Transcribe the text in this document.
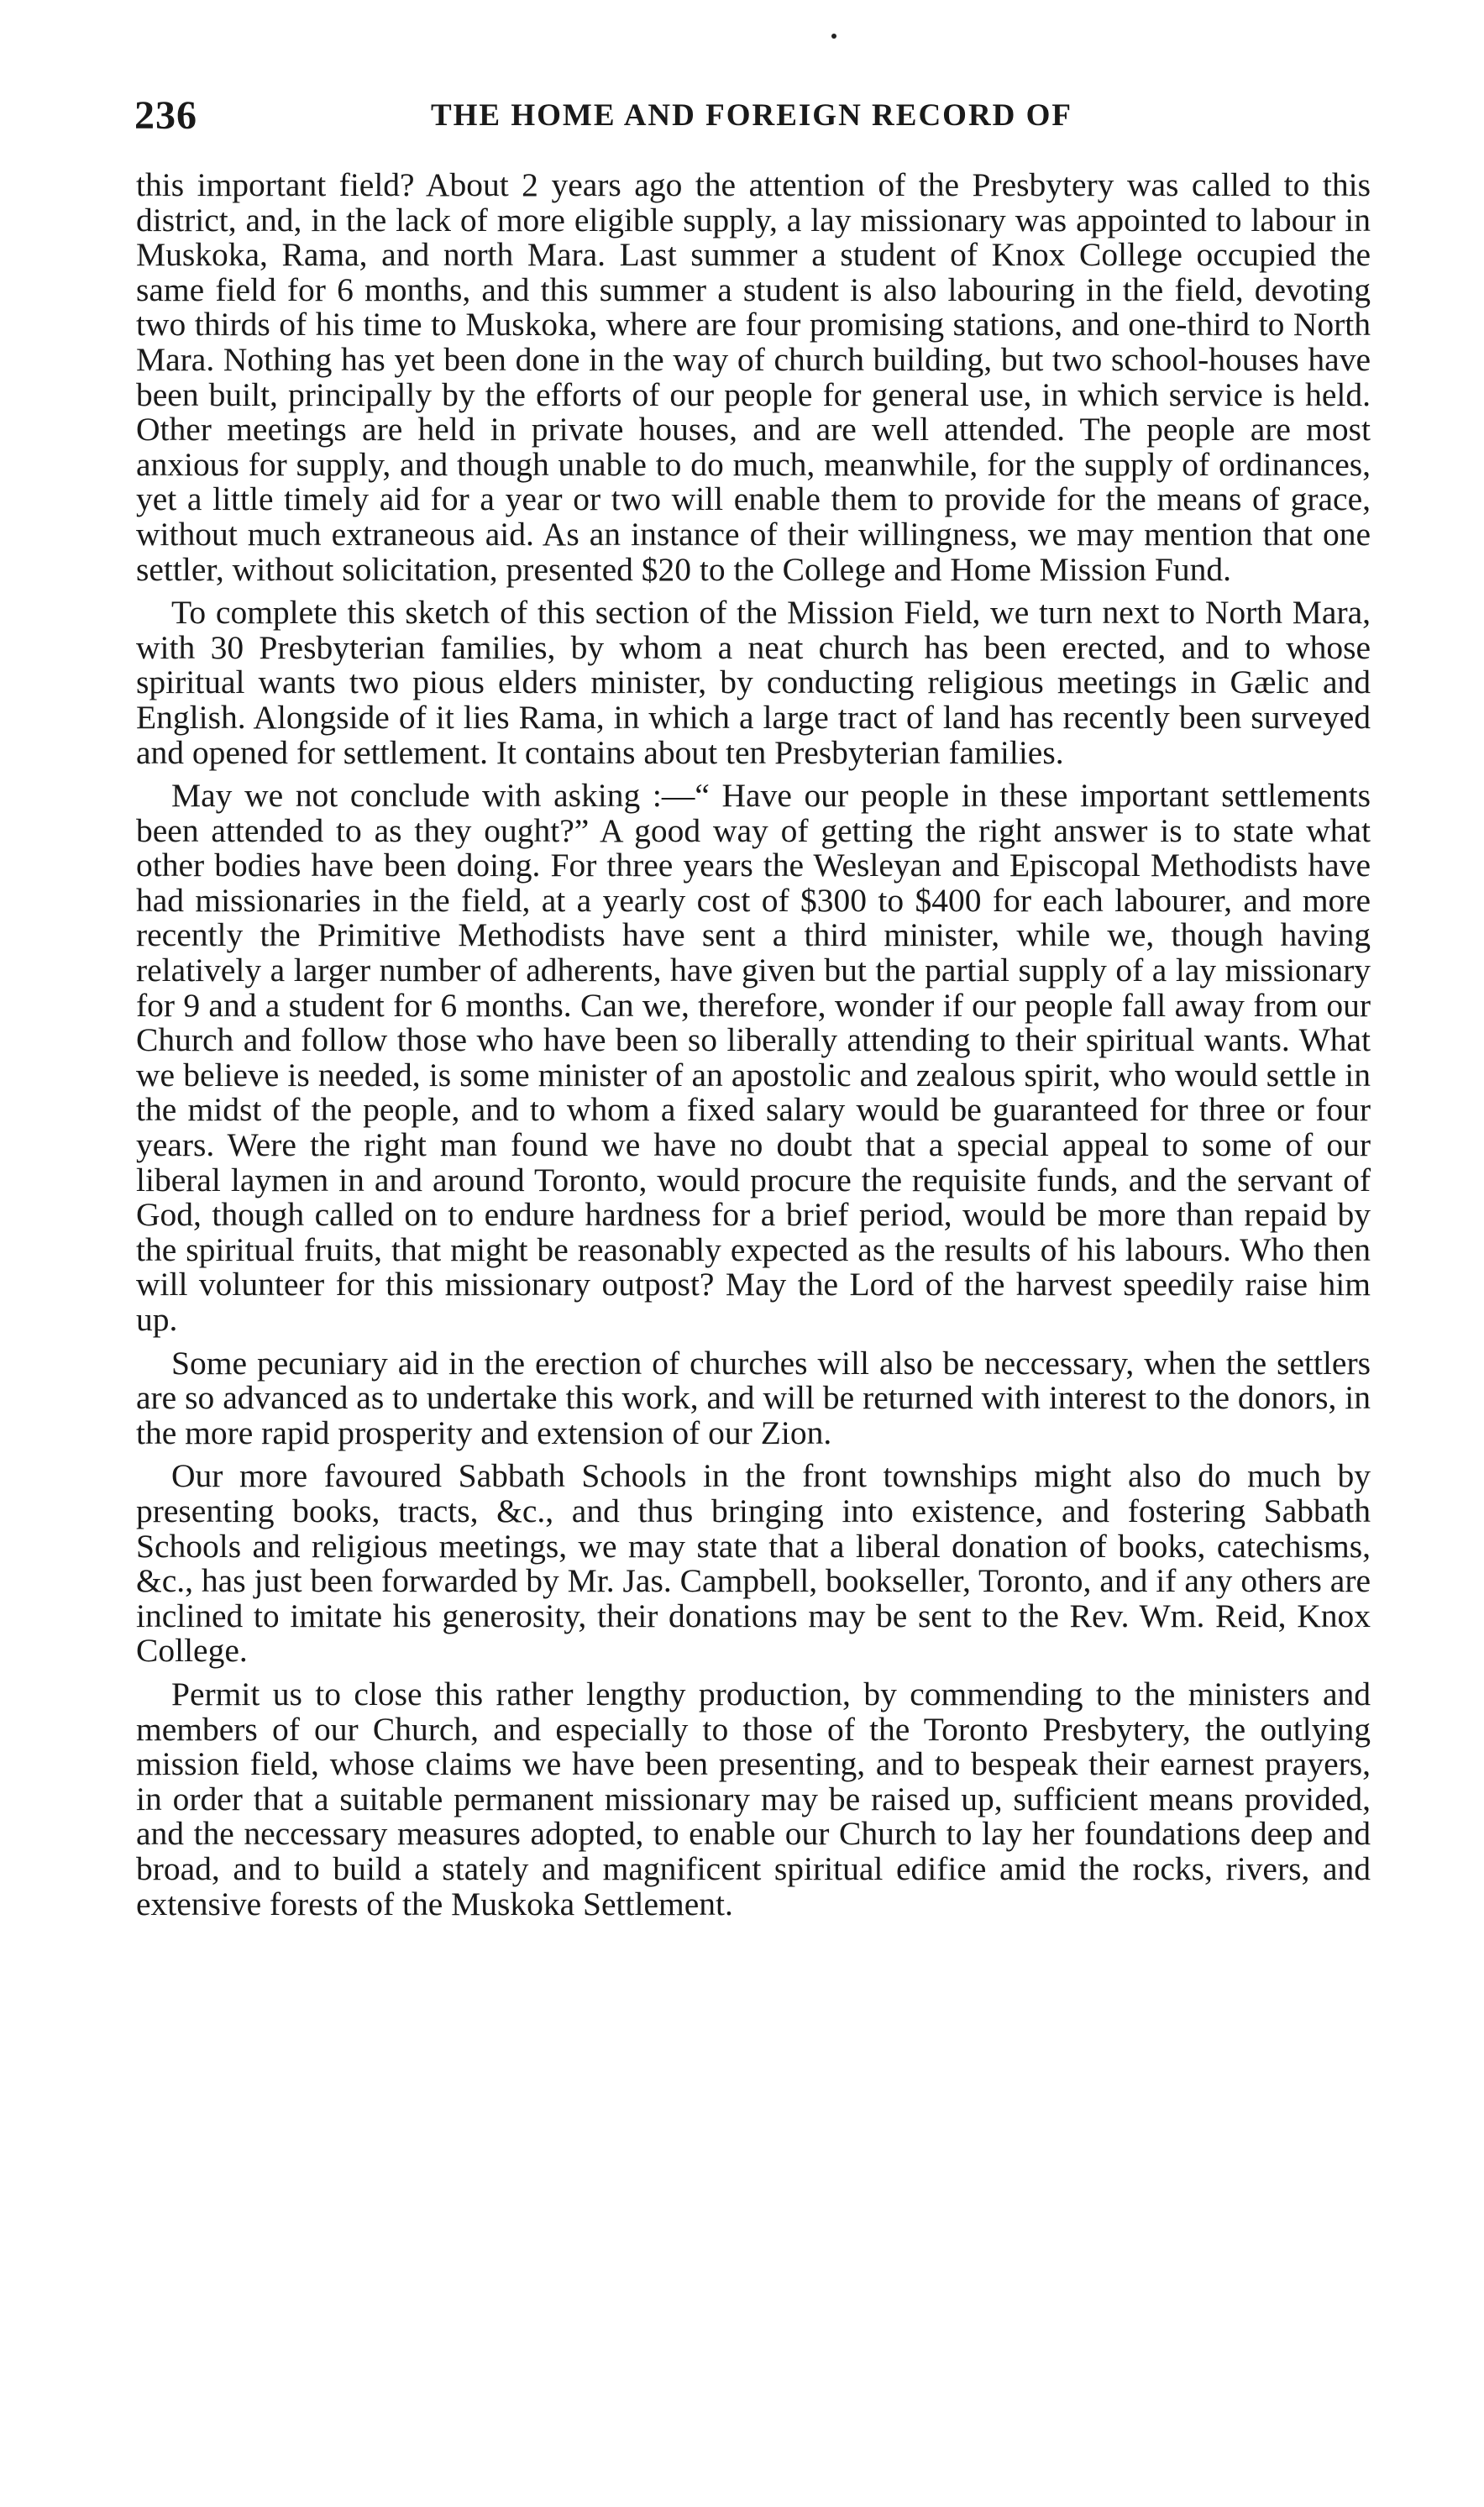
236	THE HOME AND FOREIGN RECORD OF

this important field? About 2 years ago the attention of the Presbytery was called to this district, and, in the lack of more eligible supply, a lay missionary was appointed to labour in Muskoka, Rama, and north Mara. Last summer a student of Knox College occupied the same field for 6 months, and this summer a student is also labouring in the field, devoting two thirds of his time to Muskoka, where are four promising stations, and one-third to North Mara. Nothing has yet been done in the way of church building, but two school-houses have been built, principally by the efforts of our people for general use, in which service is held. Other meetings are held in private houses, and are well attended. The people are most anxious for supply, and though unable to do much, meanwhile, for the supply of ordinances, yet a little timely aid for a year or two will enable them to provide for the means of grace, without much extraneous aid. As an instance of their willingness, we may mention that one settler, without solicitation, presented $20 to the College and Home Mission Fund.

To complete this sketch of this section of the Mission Field, we turn next to North Mara, with 30 Presbyterian families, by whom a neat church has been erected, and to whose spiritual wants two pious elders minister, by conducting religious meetings in Gælic and English. Alongside of it lies Rama, in which a large tract of land has recently been surveyed and opened for settlement. It contains about ten Presbyterian families.

May we not conclude with asking :—“ Have our people in these important settlements been attended to as they ought?” A good way of getting the right answer is to state what other bodies have been doing. For three years the Wesleyan and Episcopal Methodists have had missionaries in the field, at a yearly cost of $300 to $400 for each labourer, and more recently the Primitive Methodists have sent a third minister, while we, though having relatively a larger number of adherents, have given but the partial supply of a lay missionary for 9 and a student for 6 months. Can we, therefore, wonder if our people fall away from our Church and follow those who have been so liberally attending to their spiritual wants. What we believe is needed, is some minister of an apostolic and zealous spirit, who would settle in the midst of the people, and to whom a fixed salary would be guaranteed for three or four years. Were the right man found we have no doubt that a special appeal to some of our liberal laymen in and around Toronto, would procure the requisite funds, and the servant of God, though called on to endure hardness for a brief period, would be more than repaid by the spiritual fruits, that might be reasonably expected as the results of his labours. Who then will volunteer for this missionary outpost? May the Lord of the harvest speedily raise him up.

Some pecuniary aid in the erection of churches will also be neccessary, when the settlers are so advanced as to undertake this work, and will be returned with interest to the donors, in the more rapid prosperity and extension of our Zion.

Our more favoured Sabbath Schools in the front townships might also do much by presenting books, tracts, &c., and thus bringing into existence, and fostering Sabbath Schools and religious meetings, we may state that a liberal donation of books, catechisms, &c., has just been forwarded by Mr. Jas. Campbell, bookseller, Toronto, and if any others are inclined to imitate his generosity, their donations may be sent to the Rev. Wm. Reid, Knox College.

Permit us to close this rather lengthy production, by commending to the ministers and members of our Church, and especially to those of the Toronto Presbytery, the outlying mission field, whose claims we have been presenting, and to bespeak their earnest prayers, in order that a suitable permanent missionary may be raised up, sufficient means provided, and the neccessary measures adopted, to enable our Church to lay her foundations deep and broad, and to build a stately and magnificent spiritual edifice amid the rocks, rivers, and extensive forests of the Muskoka Settlement.
